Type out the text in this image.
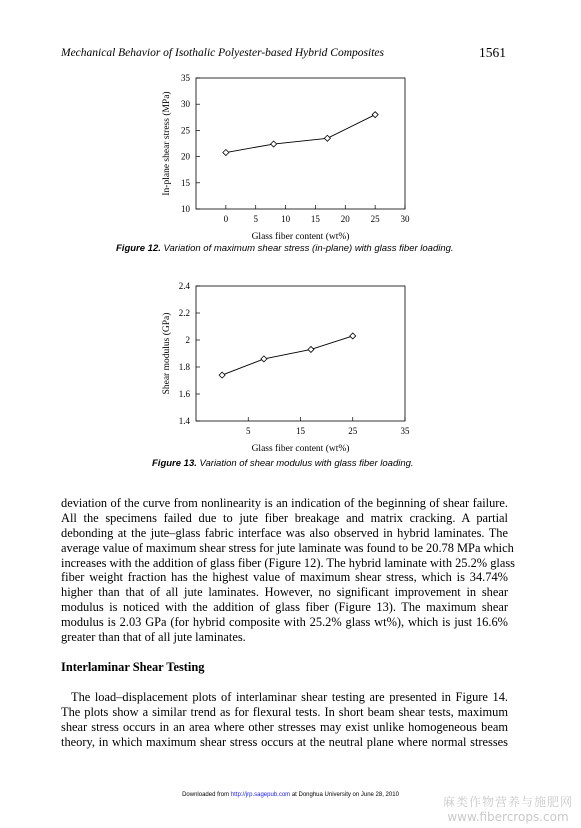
Mechanical Behavior of Isothalic Polyester-based Hybrid Composites	1561
10
15
20
25
30
35
0	5	10 15 20 25 30
Glass fiber content (wt%)
In-plane shear stress (MPa)
Figure 12. Variation of maximum shear stress (in-plane) with glass fiber loading.
1.4
1.6
1.8
2
2.2
2.4
5	15	25	35
Glass fiber content (wt%)
Shear modulus (GPa)
Figure 13. Variation of shear modulus with glass fiber loading.
deviation of the curve from nonlinearity is an indication of the beginning of shear failure.
All the specimens failed due to jute fiber breakage and matrix cracking. A partial
debonding at the jute–glass fabric interface was also observed in hybrid laminates. The
average value of maximum shear stress for jute laminate was found to be 20.78 MPa which
increases with the addition of glass fiber (Figure 12). The hybrid laminate with 25.2% glass
fiber weight fraction has the highest value of maximum shear stress, which is 34.74%
higher than that of all jute laminates. However, no significant improvement in shear
modulus is noticed with the addition of glass fiber (Figure 13). The maximum shear
modulus is 2.03 GPa (for hybrid composite with 25.2% glass wt%), which is just 16.6%
greater than that of all jute laminates.
Interlaminar Shear Testing
The load–displacement plots of interlaminar shear testing are presented in Figure 14.
The plots show a similar trend as for flexural tests. In short beam shear tests, maximum
shear stress occurs in an area where other stresses may exist unlike homogeneous beam
theory, in which maximum shear stress occurs at the neutral plane where normal stresses
Downloaded from http://jrp.sagepub.com at Donghua University on June 28, 2010	麻类作物营养与施肥网
www.fibercrops.com
